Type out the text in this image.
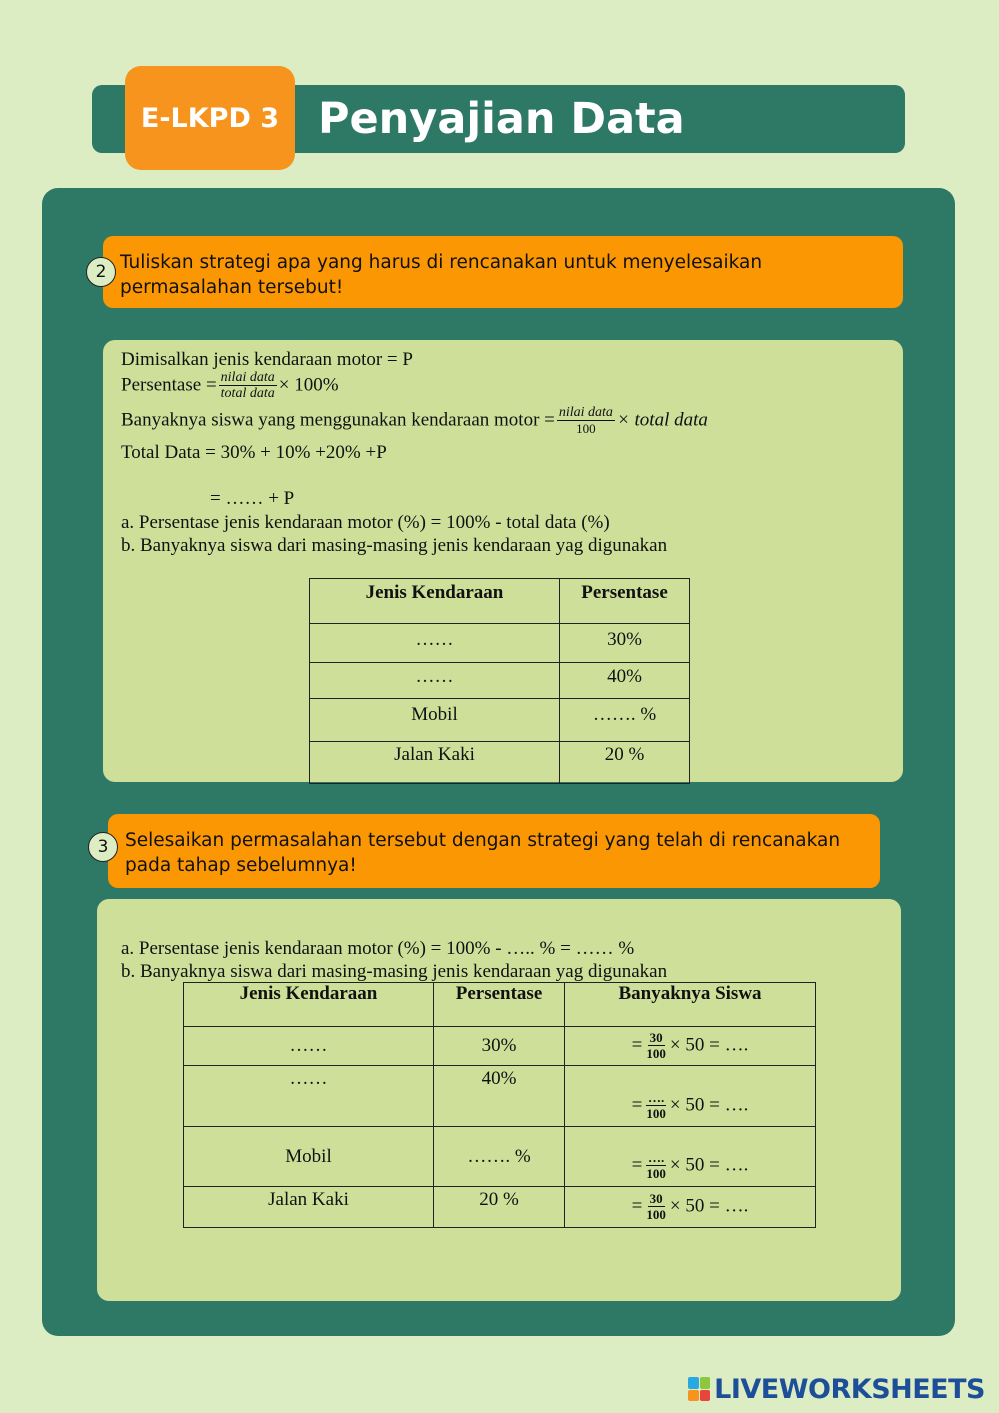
E-LKPD 3 Penyajian Data
Tuliskan strategi apa yang harus di rencanakan untuk menyelesaikan permasalahan tersebut!
2
Dimisalkan jenis kendaraan motor = P
Persentase = $\frac{\text{nilai data}}{\text{total data}} \times 100\%$
Banyaknya siswa yang menggunakan kendaraan motor = $\frac{\text{nilai data}}{100}$ × total data
Total Data = 30% + 10% +20% +P
= …… + P
a. Persentase jenis kendaraan motor (%) = 100% - total data (%)
b. Banyaknya siswa dari masing-masing jenis kendaraan yag digunakan
Jenis Kendaraan	Persentase
……	30%
……	40%
Mobil	……. %
Jalan Kaki	20 %
Selesaikan permasalahan tersebut dengan strategi yang telah di rencanakan pada tahap sebelumnya!
3
a. Persentase jenis kendaraan motor (%) = 100% - ….. % = …… %
b. Banyaknya siswa dari masing-masing jenis kendaraan yag digunakan
Jenis Kendaraan	Persentase	Banyaknya Siswa
……	30%	= $\frac{30}{100} \times 50$ = ….
……	40%	= $\frac{\dots.}{100} \times 50$ = ….
Mobil	……. %	= $\frac{\dots.}{100} \times 50$ = ….
Jalan Kaki	20 %	= $\frac{30}{100} \times 50$ = ….
LIVEWORKSHEETS
